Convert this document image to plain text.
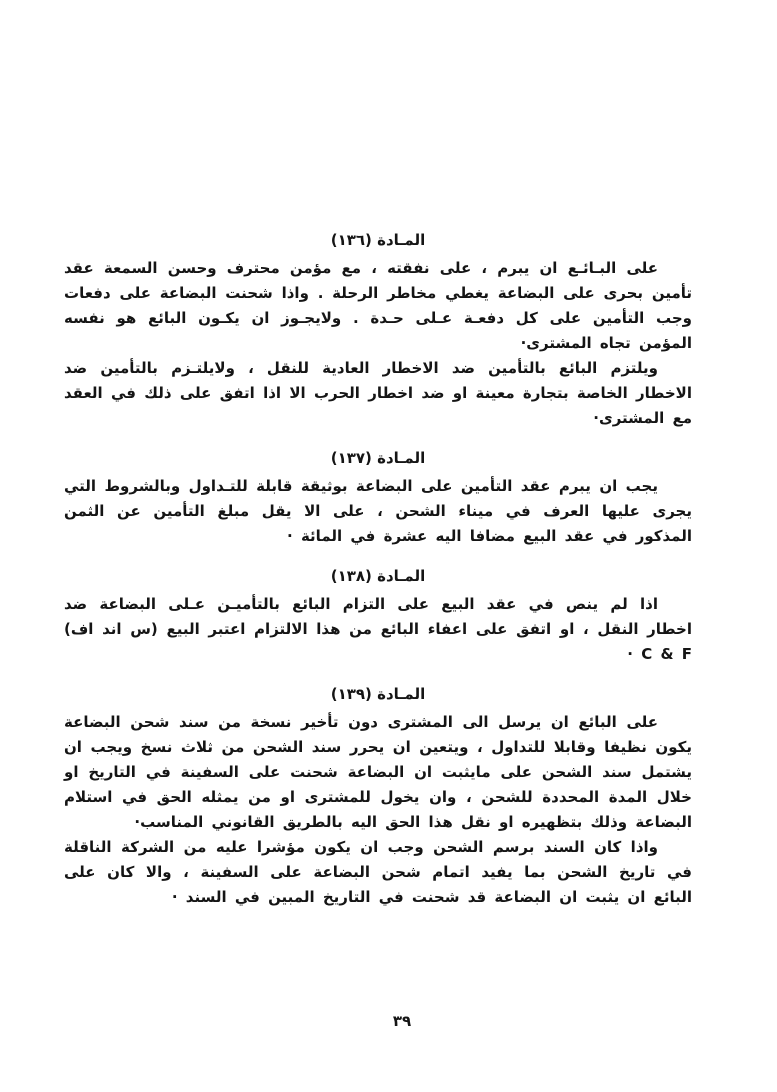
المـادة (١٣٦)

على البـائـع ان يبرم ، على نفقته ، مع مؤمن محترف وحسن السمعة عقد تأمين بحرى على البضاعة يغطي مخاطر الرحلة . واذا شحنت البضاعة على دفعات وجب التأمين على كل دفعـة عـلى حـدة . ولايجـوز ان يكـون البائع هو نفسه المؤمن تجاه المشترى·

ويلتزم البائع بالتأمين ضد الاخطار العادية للنقل ، ولايلتـزم بالتأمين ضد الاخطار الخاصة بتجارة معينة او ضد اخطار الحرب الا اذا اتفق على ذلك في العقد مع المشترى·

المـادة (١٣٧)

يجب ان يبرم عقد التأمين على البضاعة بوثيقة قابلة للتـداول وبالشروط التي يجرى عليها العرف في ميناء الشحن ، على الا يقل مبلغ التأمين عن الثمن المذكور في عقد البيع مضافا اليه عشرة في المائة ·

المـادة (١٣٨)

اذا لم ينص في عقد البيع على التزام البائع بالتأميـن عـلى البضاعة ضد اخطار النقل ، او اتفق على اعفاء البائع من هذا الالتزام اعتبر البيع (س اند اف) C & F ·

المـادة (١٣٩)

على البائع ان يرسل الى المشترى دون تأخير نسخة من سند شحن البضاعة يكون نظيفا وقابلا للتداول ، ويتعين ان يحرر سند الشحن من ثلاث نسخ ويجب ان يشتمل سند الشحن على مايثبت ان البضاعة شحنت على السفينة في التاريخ او خلال المدة المحددة للشحن ، وان يخول للمشترى او من يمثله الحق في استلام البضاعة وذلك بتظهيره او نقل هذا الحق اليه بالطريق القانوني المناسب·

واذا كان السند برسم الشحن وجب ان يكون مؤشرا عليه من الشركة الناقلة في تاريخ الشحن بما يفيد اتمام شحن البضاعة على السفينة ، والا كان على البائع ان يثبت ان البضاعة قد شحنت في التاريخ المبين في السند ·

٣٩
